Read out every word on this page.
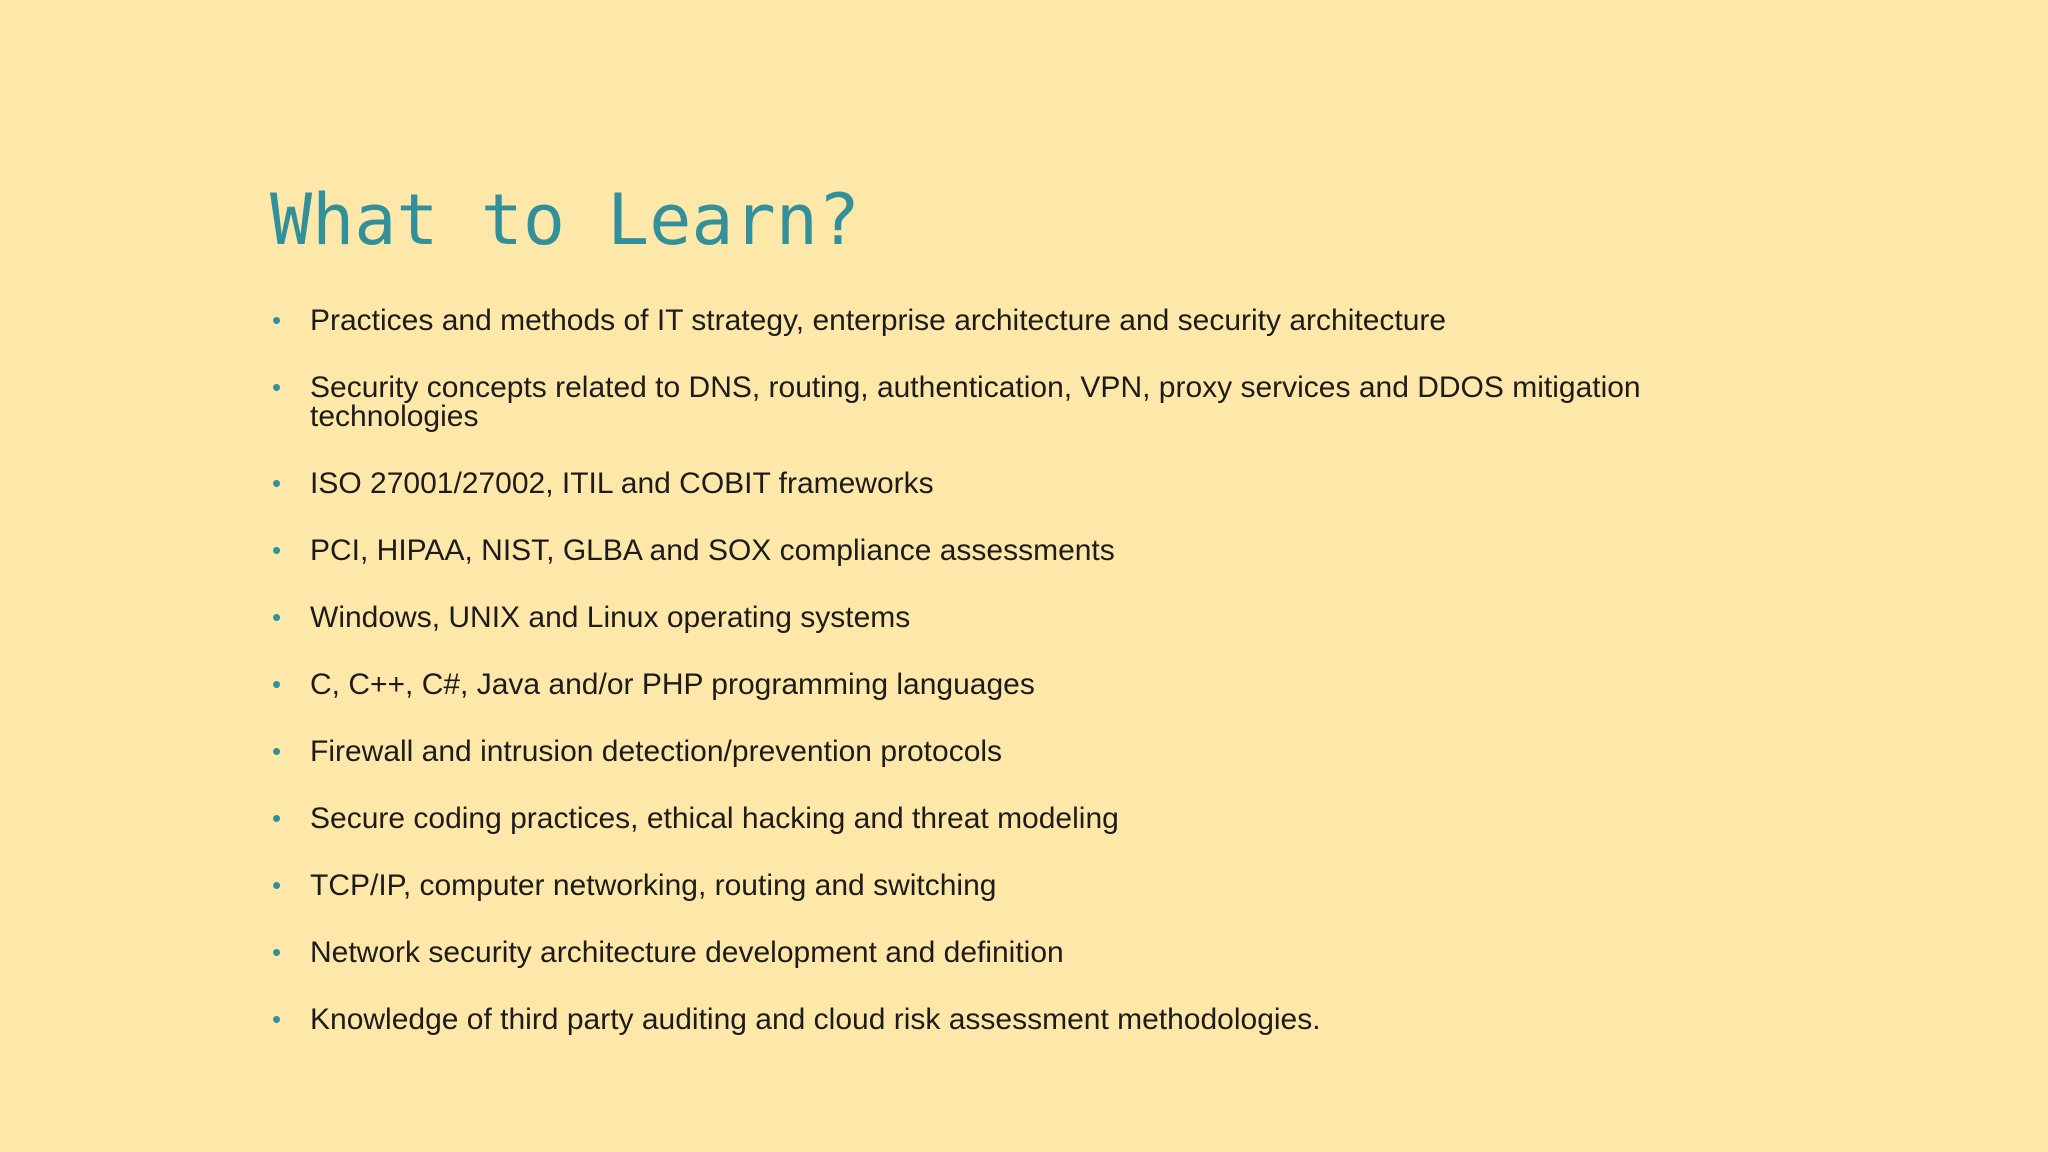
What to Learn?
• Practices and methods of IT strategy, enterprise architecture and security architecture
• Security concepts related to DNS, routing, authentication, VPN, proxy services and DDOS mitigation technologies
• ISO 27001/27002, ITIL and COBIT frameworks
• PCI, HIPAA, NIST, GLBA and SOX compliance assessments
• Windows, UNIX and Linux operating systems
• C, C++, C#, Java and/or PHP programming languages
• Firewall and intrusion detection/prevention protocols
• Secure coding practices, ethical hacking and threat modeling
• TCP/IP, computer networking, routing and switching
• Network security architecture development and definition
• Knowledge of third party auditing and cloud risk assessment methodologies.
